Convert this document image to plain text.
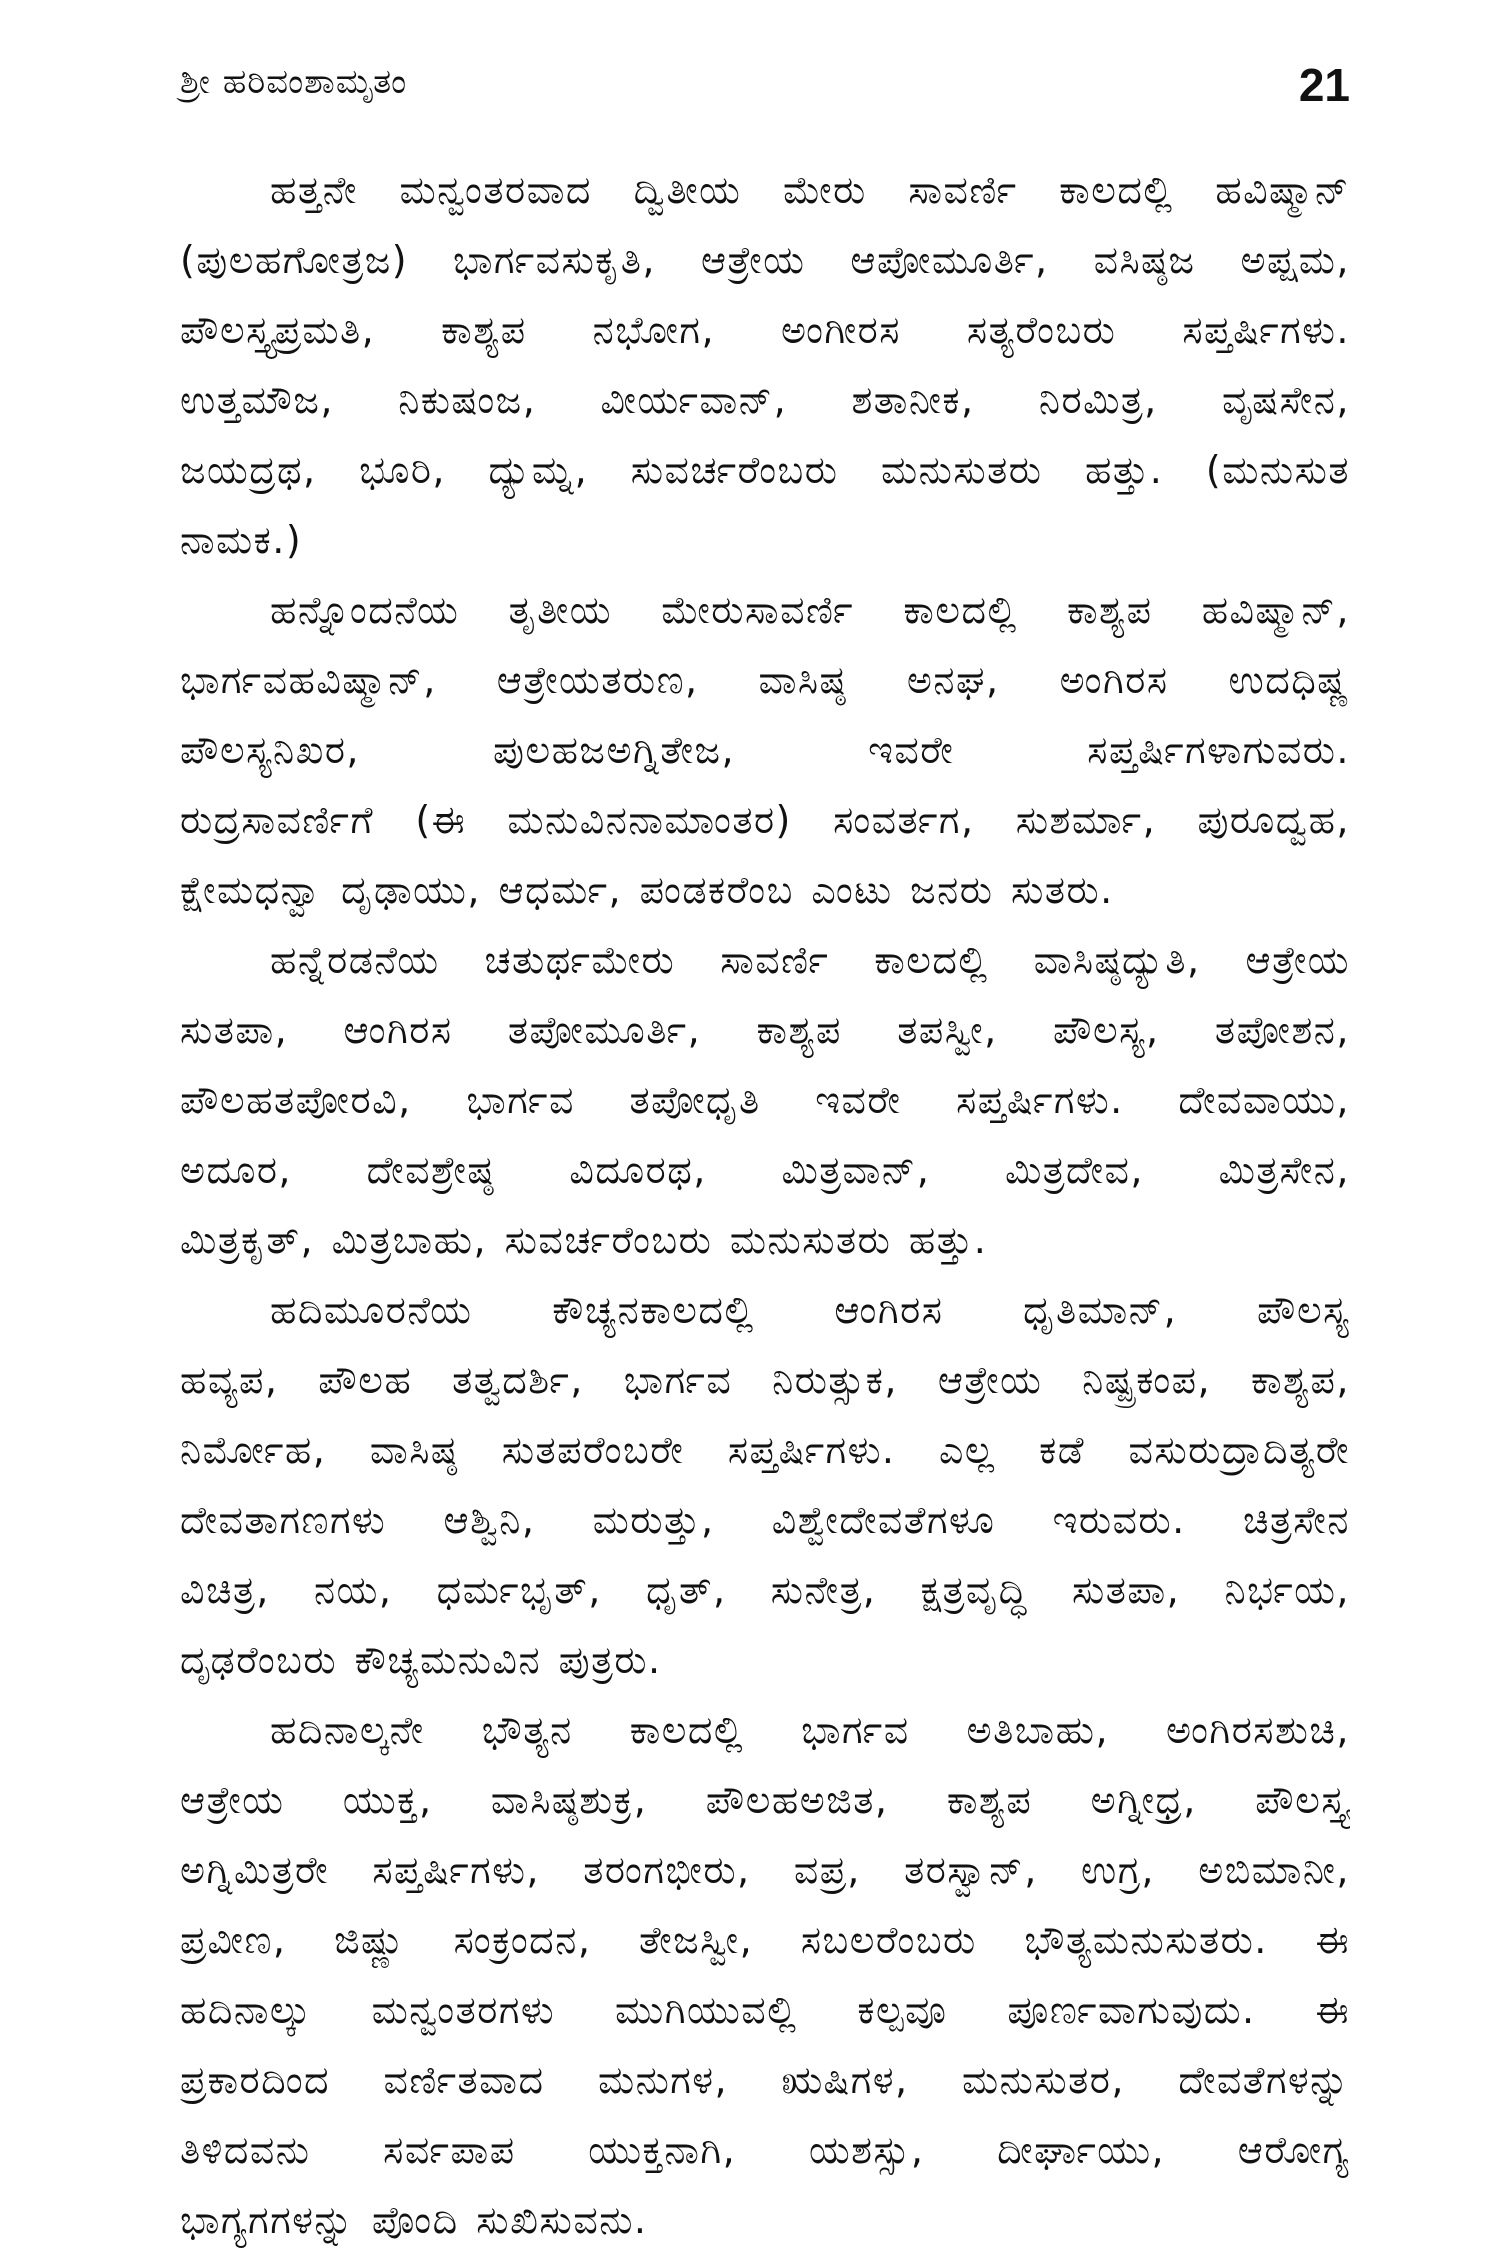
ಶ್ರೀ ಹರಿವಂಶಾಮೃತಂ	21
ಹತ್ತನೇ ಮನ್ವಂತರವಾದ ದ್ವಿತೀಯ ಮೇರು ಸಾವರ್ಣಿ ಕಾಲದಲ್ಲಿ ಹವಿಷ್ಮಾನ್
(ಪುಲಹಗೋತ್ರಜ) ಭಾರ್ಗವಸುಕೃತಿ, ಆತ್ರೇಯ ಆಪೋಮೂರ್ತಿ, ವಸಿಷ್ಠಜ ಅಪ್ಷಮ,
ಪೌಲಸ್ತ್ಯಪ್ರಮತಿ, ಕಾಶ್ಯಪ ನಭೋಗ, ಅಂಗೀರಸ ಸತ್ಯರೆಂಬರು ಸಪ್ತರ್ಷಿಗಳು.
ಉತ್ತಮೌಜ, ನಿಕುಷಂಜ, ವೀರ್ಯವಾನ್, ಶತಾನೀಕ, ನಿರಮಿತ್ರ, ವೃಷಸೇನ,
ಜಯದ್ರಥ, ಭೂರಿ, ದ್ಯುಮ್ನ, ಸುವರ್ಚರೆಂಬರು ಮನುಸುತರು ಹತ್ತು. (ಮನುಸುತ
ನಾಮಕ.)
ಹನ್ನೊಂದನೆಯ ತೃತೀಯ ಮೇರುಸಾವರ್ಣಿ ಕಾಲದಲ್ಲಿ ಕಾಶ್ಯಪ ಹವಿಷ್ಮಾನ್,
ಭಾರ್ಗವಹವಿಷ್ಮಾನ್, ಆತ್ರೇಯತರುಣ, ವಾಸಿಷ್ಠ ಅನಘ, ಅಂಗಿರಸ ಉದಧಿಷ್ಣ
ಪೌಲಸ್ಯನಿಖರ, ಪುಲಹಜಅಗ್ನಿತೇಜ, ಇವರೇ ಸಪ್ತರ್ಷಿಗಳಾಗುವರು.
ರುದ್ರಸಾವರ್ಣಿಗೆ (ಈ ಮನುವಿನನಾಮಾಂತರ) ಸಂವರ್ತಗ, ಸುಶರ್ಮಾ, ಪುರೂದ್ವಹ,
ಕ್ಷೇಮಧನ್ವಾ ದೃಢಾಯು, ಆಧರ್ಮ, ಪಂಡಕರೆಂಬ ಎಂಟು ಜನರು ಸುತರು.
ಹನ್ನೆರಡನೆಯ ಚತುರ್ಥಮೇರು ಸಾವರ್ಣಿ ಕಾಲದಲ್ಲಿ ವಾಸಿಷ್ಠದ್ಯುತಿ, ಆತ್ರೇಯ
ಸುತಪಾ, ಆಂಗಿರಸ ತಪೋಮೂರ್ತಿ, ಕಾಶ್ಯಪ ತಪಸ್ವೀ, ಪೌಲಸ್ಯ, ತಪೋಶನ,
ಪೌಲಹತಪೋರವಿ, ಭಾರ್ಗವ ತಪೋಧೃತಿ ಇವರೇ ಸಪ್ತರ್ಷಿಗಳು. ದೇವವಾಯು,
ಅದೂರ, ದೇವಶ್ರೇಷ್ಠ ವಿದೂರಥ, ಮಿತ್ರವಾನ್, ಮಿತ್ರದೇವ, ಮಿತ್ರಸೇನ,
ಮಿತ್ರಕೃತ್, ಮಿತ್ರಬಾಹು, ಸುವರ್ಚರೆಂಬರು ಮನುಸುತರು ಹತ್ತು.
ಹದಿಮೂರನೆಯ ಕೌಚ್ಯನಕಾಲದಲ್ಲಿ ಆಂಗಿರಸ ಧೃತಿಮಾನ್, ಪೌಲಸ್ಯ
ಹವ್ಯಪ, ಪೌಲಹ ತತ್ವದರ್ಶಿ, ಭಾರ್ಗವ ನಿರುತ್ಸುಕ, ಆತ್ರೇಯ ನಿಷ್ಪ್ರಕಂಪ, ಕಾಶ್ಯಪ,
ನಿರ್ಮೋಹ, ವಾಸಿಷ್ಠ ಸುತಪರೆಂಬರೇ ಸಪ್ತರ್ಷಿಗಳು. ಎಲ್ಲ ಕಡೆ ವಸುರುದ್ರಾದಿತ್ಯರೇ
ದೇವತಾಗಣಗಳು ಆಶ್ವಿನಿ, ಮರುತ್ತು, ವಿಶ್ವೇದೇವತೆಗಳೂ ಇರುವರು. ಚಿತ್ರಸೇನ
ವಿಚಿತ್ರ, ನಯ, ಧರ್ಮಭೃತ್, ಧೃತ್, ಸುನೇತ್ರ, ಕ್ಷತ್ರವೃದ್ಧಿ ಸುತಪಾ, ನಿರ್ಭಯ,
ದೃಢರೆಂಬರು ಕೌಚ್ಯಮನುವಿನ ಪುತ್ರರು.
ಹದಿನಾಲ್ಕನೇ ಭೌತ್ಯನ ಕಾಲದಲ್ಲಿ ಭಾರ್ಗವ ಅತಿಬಾಹು, ಅಂಗಿರಸಶುಚಿ,
ಆತ್ರೇಯ ಯುಕ್ತ, ವಾಸಿಷ್ಠಶುಕ್ರ, ಪೌಲಹಅಜಿತ, ಕಾಶ್ಯಪ ಅಗ್ನೀಧ್ರ, ಪೌಲಸ್ತ್ಯ
ಅಗ್ನಿಮಿತ್ರರೇ ಸಪ್ತರ್ಷಿಗಳು, ತರಂಗಭೀರು, ವಪ್ರ, ತರಸ್ವಾನ್, ಉಗ್ರ, ಅಬಿಮಾನೀ,
ಪ್ರವೀಣ, ಜಿಷ್ಣು ಸಂಕ್ರಂದನ, ತೇಜಸ್ವೀ, ಸಬಲರೆಂಬರು ಭೌತ್ಯಮನುಸುತರು. ಈ
ಹದಿನಾಲ್ಕು ಮನ್ವಂತರಗಳು ಮುಗಿಯುವಲ್ಲಿ ಕಲ್ಪವೂ ಪೂರ್ಣವಾಗುವುದು. ಈ
ಪ್ರಕಾರದಿಂದ ವರ್ಣಿತವಾದ ಮನುಗಳ, ಋಷಿಗಳ, ಮನುಸುತರ, ದೇವತೆಗಳನ್ನು
ತಿಳಿದವನು ಸರ್ವಪಾಪ ಯುಕ್ತನಾಗಿ, ಯಶಸ್ಸು, ದೀರ್ಘಾಯು, ಆರೋಗ್ಯ
ಭಾಗ್ಯಗಗಳನ್ನು ಪೊಂದಿ ಸುಖಿಸುವನು.
